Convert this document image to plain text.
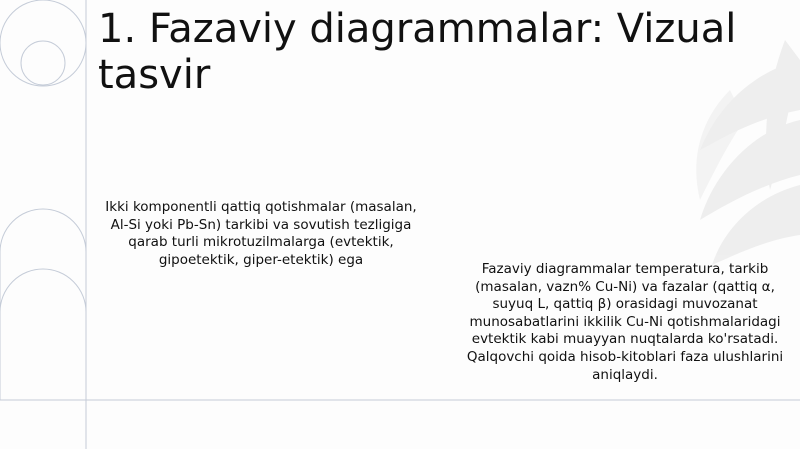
1. Fazaviy diagrammalar: Vizual tasvir

Ikki komponentli qattiq qotishmalar (masalan, Al-Si yoki Pb-Sn) tarkibi va sovutish tezligiga qarab turli mikrotuzilmalarga (evtektik, gipoetektik, giper-etektik) ega

Fazaviy diagrammalar temperatura, tarkib (masalan, vazn% Cu-Ni) va fazalar (qattiq α, suyuq L, qattiq β) orasidagi muvozanat munosabatlarini ikkilik Cu-Ni qotishmalaridagi evtektik kabi muayyan nuqtalarda ko'rsatadi. Qalqovchi qoida hisob-kitoblari faza ulushlarini aniqlaydi.
